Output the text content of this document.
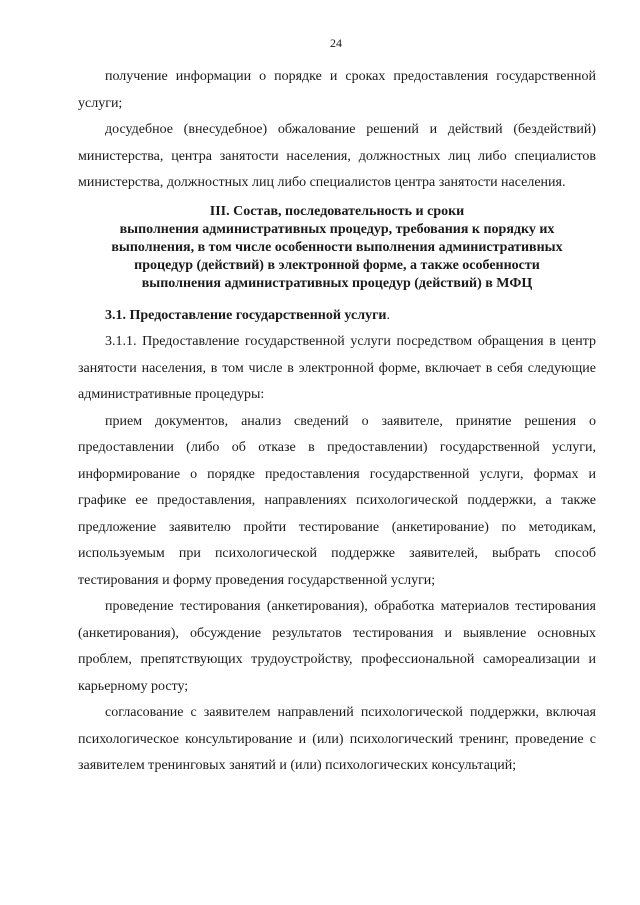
24

получение информации о порядке и сроках предоставления государственной услуги;

досудебное (внесудебное) обжалование решений и действий (бездействий) министерства, центра занятости населения, должностных лиц либо специалистов министерства, должностных лиц либо специалистов центра занятости населения.

III. Состав, последовательность и сроки
выполнения административных процедур, требования к порядку их
выполнения, в том числе особенности выполнения административных
процедур (действий) в электронной форме, а также особенности
выполнения административных процедур (действий) в МФЦ
3.1. Предоставление государственной услуги.

3.1.1. Предоставление государственной услуги посредством обращения в центр занятости населения, в том числе в электронной форме, включает в себя следующие административные процедуры:

прием документов, анализ сведений о заявителе, принятие решения о предоставлении (либо об отказе в предоставлении) государственной услуги, информирование о порядке предоставления государственной услуги, формах и графике ее предоставления, направлениях психологической поддержки, а также предложение заявителю пройти тестирование (анкетирование) по методикам, используемым при психологической поддержке заявителей, выбрать способ тестирования и форму проведения государственной услуги;

проведение тестирования (анкетирования), обработка материалов тестирования (анкетирования), обсуждение результатов тестирования и выявление основных проблем, препятствующих трудоустройству, профессиональной самореализации и карьерному росту;

согласование с заявителем направлений психологической поддержки, включая психологическое консультирование и (или) психологический тренинг, проведение с заявителем тренинговых занятий и (или) психологических консультаций;
